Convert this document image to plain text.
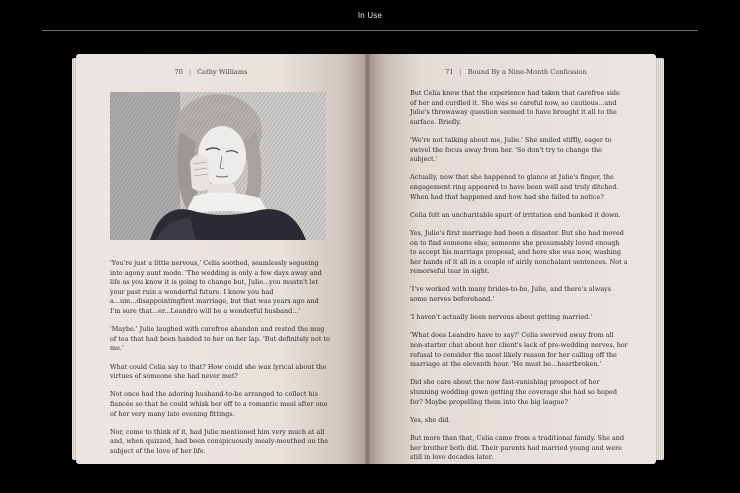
In Use
70 | Cathy Williams

'You're just a little nervous,' Celia soothed, seamlessly segueing into agony aunt mode. 'The wedding is only a few days away and life as you know it is going to change but, Julie...you mustn't let your past ruin a wonderful future. I know you had a...um...disappointingfirst marriage, but that was years ago and I'm sure that...er...Leandro will be a wonderful husband...'

'Maybe.' Julie laughed with carefree abandon and rested the mug of tea that had been handed to her on her lap. 'But definitely not to me.'

What could Celia say to that? How could she wax lyrical about the virtues of someone she had never met?

Not once had the adoring husband-to-be arranged to collect his fiancée so that he could whisk her off to a romantic meal after one of her very many late evening fittings.

Nor, come to think of it, had Julie mentioned him very much at all and, when quizzed, had been conspicuously mealy-mouthed on the subject of the love of her life.

71 | Bound By a Nine-Month Confession

But Celia knew that the experience had taken that carefree side of her and curdled it. She was so careful now, so cautious...and Julie's throwaway question seemed to have brought it all to the surface. Briefly.

'We're not talking about me, Julie.' She smiled stiffly, eager to swivel the focus away from her. 'So don't try to change the subject.'

Actually, now that she happened to glance at Julie's finger, the engagement ring appeared to have been well and truly ditched. When had that happened and how had she failed to notice?

Celia felt an uncharitable spurt of irritation and banked it down.

Yes, Julie's first marriage had been a disaster. But she had moved on to find someone else, someone she presumably loved enough to accept his marriage proposal, and here she was now, washing her hands of it all in a couple of airily nonchalant sentences. Not a remorseful tear in sight.

'I've worked with many brides-to-be, Julie, and there's always some nerves beforehand.'

'I haven't actually been nervous about getting married.'

'What does Leandro have to say?' Celia swerved away from all non-starter chat about her client's lack of pre-wedding nerves, her refusal to consider the most likely reason for her calling off the marriage at the eleventh hour. 'He must be...heartbroken.'

Did she care about the now fast-vanishing prospect of her stunning wedding gown getting the coverage she had so hoped for? Maybe propelling them into the big league?

Yes, she did.

But more than that, Celia came from a traditional family. She and her brother both did. Their parents had married young and were still in love decades later.
